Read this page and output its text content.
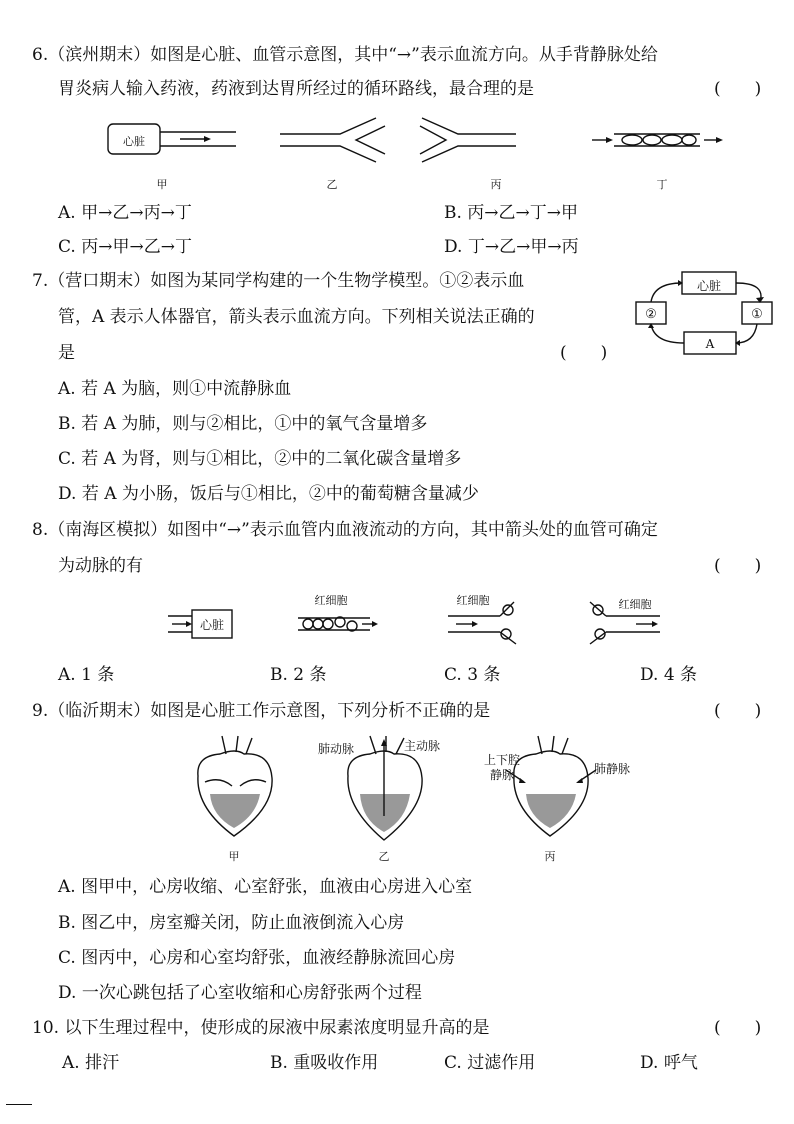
6.（滨州期末）如图是心脏、血管示意图，其中“→”表示血流方向。从手背静脉处给
胃炎病人输入药液，药液到达胃所经过的循环路线，最合理的是	(　　)
心脏
甲	乙	丙	丁
A. 甲→乙→丙→丁	B. 丙→乙→丁→甲
C. 丙→甲→乙→丁	D. 丁→乙→甲→丙
7.（营口期末）如图为某同学构建的一个生物学模型。①②表示血
管，A 表示人体器官，箭头表示血流方向。下列相关说法正确的
是	(　　)
心脏
②	①
A
A. 若 A 为脑，则①中流静脉血
B. 若 A 为肺，则与②相比，①中的氧气含量增多
C. 若 A 为肾，则与①相比，②中的二氧化碳含量增多
D. 若 A 为小肠，饭后与①相比，②中的葡萄糖含量减少
8.（南海区模拟）如图中“→”表示血管内血液流动的方向，其中箭头处的血管可确定
为动脉的有	(　　)
心脏
红细胞	红细胞	红细胞
A. 1 条	B. 2 条	C. 3 条	D. 4 条
9.（临沂期末）如图是心脏工作示意图，下列分析不正确的是	(　　)
肺动脉	主动脉
上下腔
静脉	肺静脉
甲	乙	丙
A. 图甲中，心房收缩、心室舒张，血液由心房进入心室
B. 图乙中，房室瓣关闭，防止血液倒流入心房
C. 图丙中，心房和心室均舒张，血液经静脉流回心房
D. 一次心跳包括了心室收缩和心房舒张两个过程
10. 以下生理过程中，使形成的尿液中尿素浓度明显升高的是	(　　)
A. 排汗	B. 重吸收作用	C. 过滤作用	D. 呼气
